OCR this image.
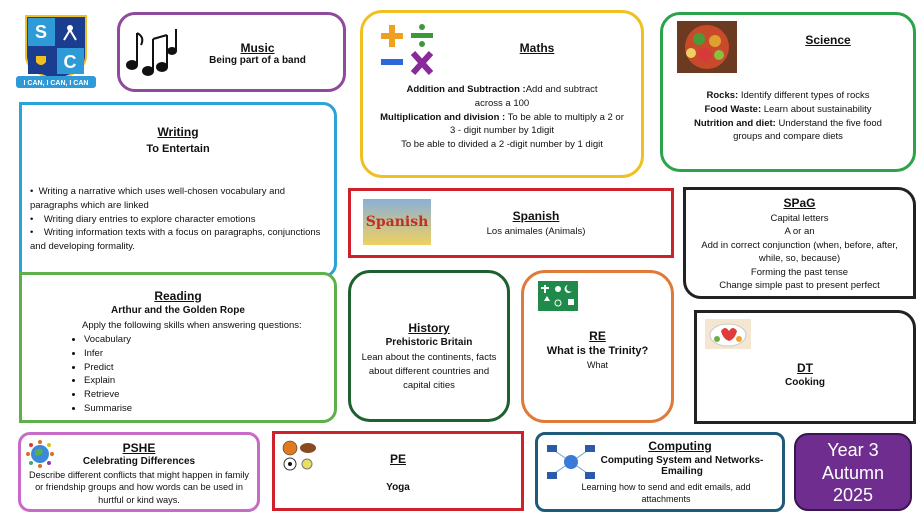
S
C
I CAN, I CAN, I CAN
Music
Being part of a band
Maths
Addition and Subtraction :Add and subtract across a 100
Multiplication and division : To be able to multiply a 2 or 3 - digit number by 1digit
To be able to divided a 2 -digit number by 1 digit
Science
Rocks: Identify different types of rocks
Food Waste: Learn about sustainability
Nutrition and diet: Understand the five food groups and compare diets
Writing
To Entertain
•  Writing a narrative which uses well-chosen vocabulary and paragraphs which are linked
•    Writing diary entries to explore character emotions
•    Writing information texts with a focus on paragraphs, conjunctions and developing formality.
Spanish	Spanish
Los animales (Animals)
SPaG
Capital letters
A or an
Add in correct conjunction (when, before, after, while, so, because)
Forming the past tense
Change simple past to present perfect
Reading
Arthur and the Golden Rope
Apply the following skills when answering questions:
• Vocabulary
• Infer
• Predict
• Explain
• Retrieve
• Summarise
History
Prehistoric Britain
Lean about the continents, facts about different countries and capital cities
RE
What is the Trinity?
What	DT
Cooking
PSHE
Celebrating Differences
Describe different conflicts that might happen in family or friendship groups and how words can be used in hurtful or kind ways.
PE
Yoga
Computing
Computing System and Networks- Emailing
Learning how to send and edit emails, add attachments
Year 3
Autumn
2025
